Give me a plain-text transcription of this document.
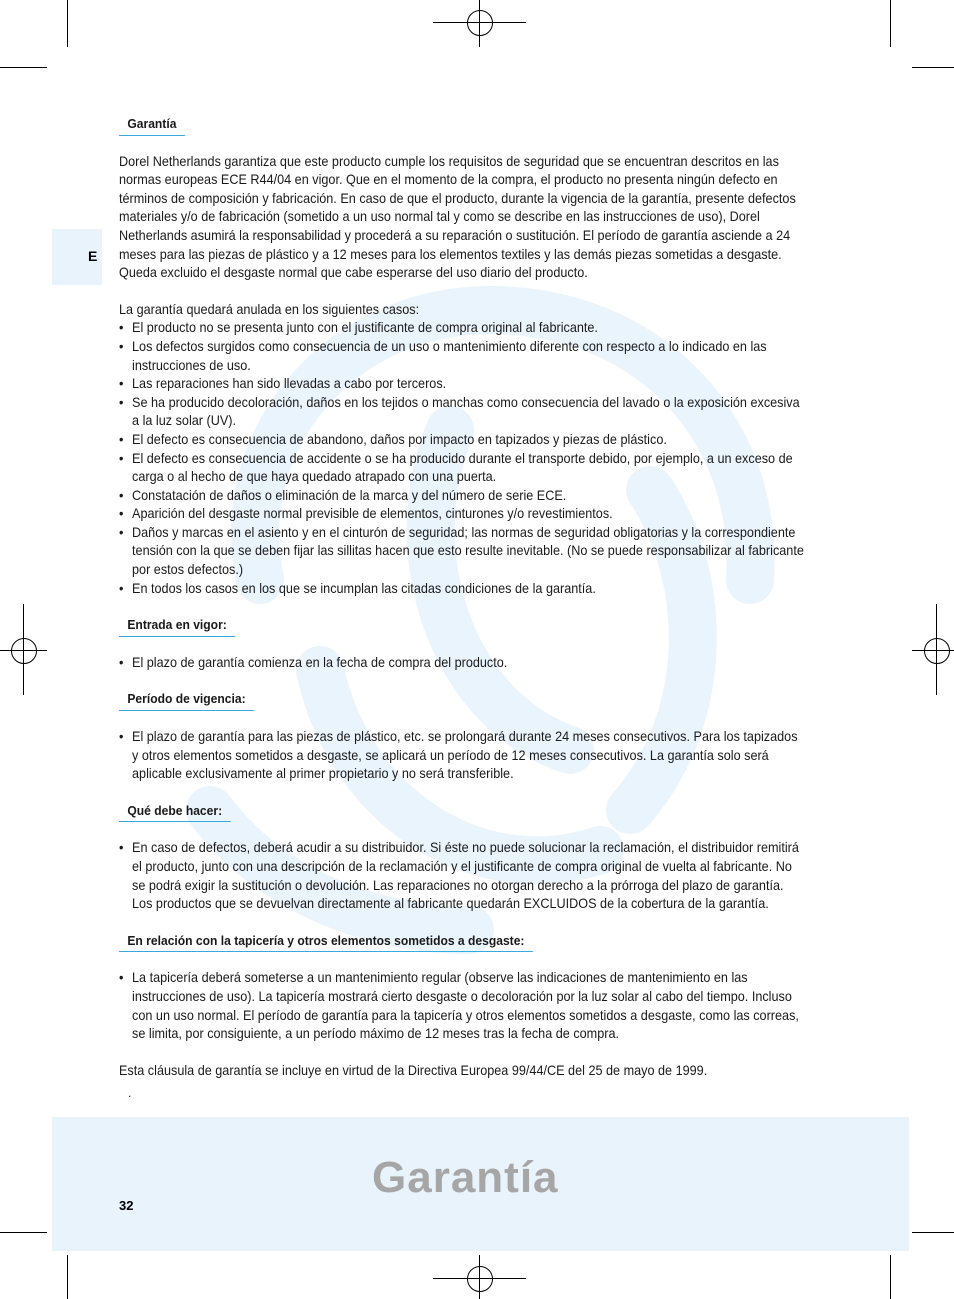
E
Garantía

Dorel Netherlands garantiza que este producto cumple los requisitos de seguridad que se encuentran descritos en las normas europeas ECE R44/04 en vigor. Que en el momento de la compra, el producto no presenta ningún defecto en términos de composición y fabricación. En caso de que el producto, durante la vigencia de la garantía, presente defectos materiales y/o de fabricación (sometido a un uso normal tal y como se describe en las instrucciones de uso), Dorel Netherlands asumirá la responsabilidad y procederá a su reparación o sustitución. El período de garantía asciende a 24 meses para las piezas de plástico y a 12 meses para los elementos textiles y las demás piezas sometidas a desgaste. Queda excluido el desgaste normal que cabe esperarse del uso diario del producto.

La garantía quedará anulada en los siguientes casos:

• El producto no se presenta junto con el justificante de compra original al fabricante.
• Los defectos surgidos como consecuencia de un uso o mantenimiento diferente con respecto a lo indicado en las instrucciones de uso.
• Las reparaciones han sido llevadas a cabo por terceros.
• Se ha producido decoloración, daños en los tejidos o manchas como consecuencia del lavado o la exposición excesiva a la luz solar (UV).
• El defecto es consecuencia de abandono, daños por impacto en tapizados y piezas de plástico.
• El defecto es consecuencia de accidente o se ha producido durante el transporte debido, por ejemplo, a un exceso de carga o al hecho de que haya quedado atrapado con una puerta.
• Constatación de daños o eliminación de la marca y del número de serie ECE.
• Aparición del desgaste normal previsible de elementos, cinturones y/o revestimientos.
• Daños y marcas en el asiento y en el cinturón de seguridad; las normas de seguridad obligatorias y la correspondiente tensión con la que se deben fijar las sillitas hacen que esto resulte inevitable. (No se puede responsabilizar al fabricante por estos defectos.)
• En todos los casos en los que se incumplan las citadas condiciones de la garantía.
Entrada en vigor:
• El plazo de garantía comienza en la fecha de compra del producto.
Período de vigencia:
• El plazo de garantía para las piezas de plástico, etc. se prolongará durante 24 meses consecutivos. Para los tapizados y otros elementos sometidos a desgaste, se aplicará un período de 12 meses consecutivos. La garantía solo será aplicable exclusivamente al primer propietario y no será transferible.
Qué debe hacer:
• En caso de defectos, deberá acudir a su distribuidor. Si éste no puede solucionar la reclamación, el distribuidor remitirá el producto, junto con una descripción de la reclamación y el justificante de compra original de vuelta al fabricante. No se podrá exigir la sustitución o devolución. Las reparaciones no otorgan derecho a la prórroga del plazo de garantía. Los productos que se devuelvan directamente al fabricante quedarán EXCLUIDOS de la cobertura de la garantía.
En relación con la tapicería y otros elementos sometidos a desgaste:
• La tapicería deberá someterse a un mantenimiento regular (observe las indicaciones de mantenimiento en las instrucciones de uso). La tapicería mostrará cierto desgaste o decoloración por la luz solar al cabo del tiempo. Incluso con un uso normal. El período de garantía para la tapicería y otros elementos sometidos a desgaste, como las correas, se limita, por consiguiente, a un período máximo de 12 meses tras la fecha de compra.

Esta cláusula de garantía se incluye en virtud de la Directiva Europea 99/44/CE del 25 de mayo de 1999.

.
Garantía
32
